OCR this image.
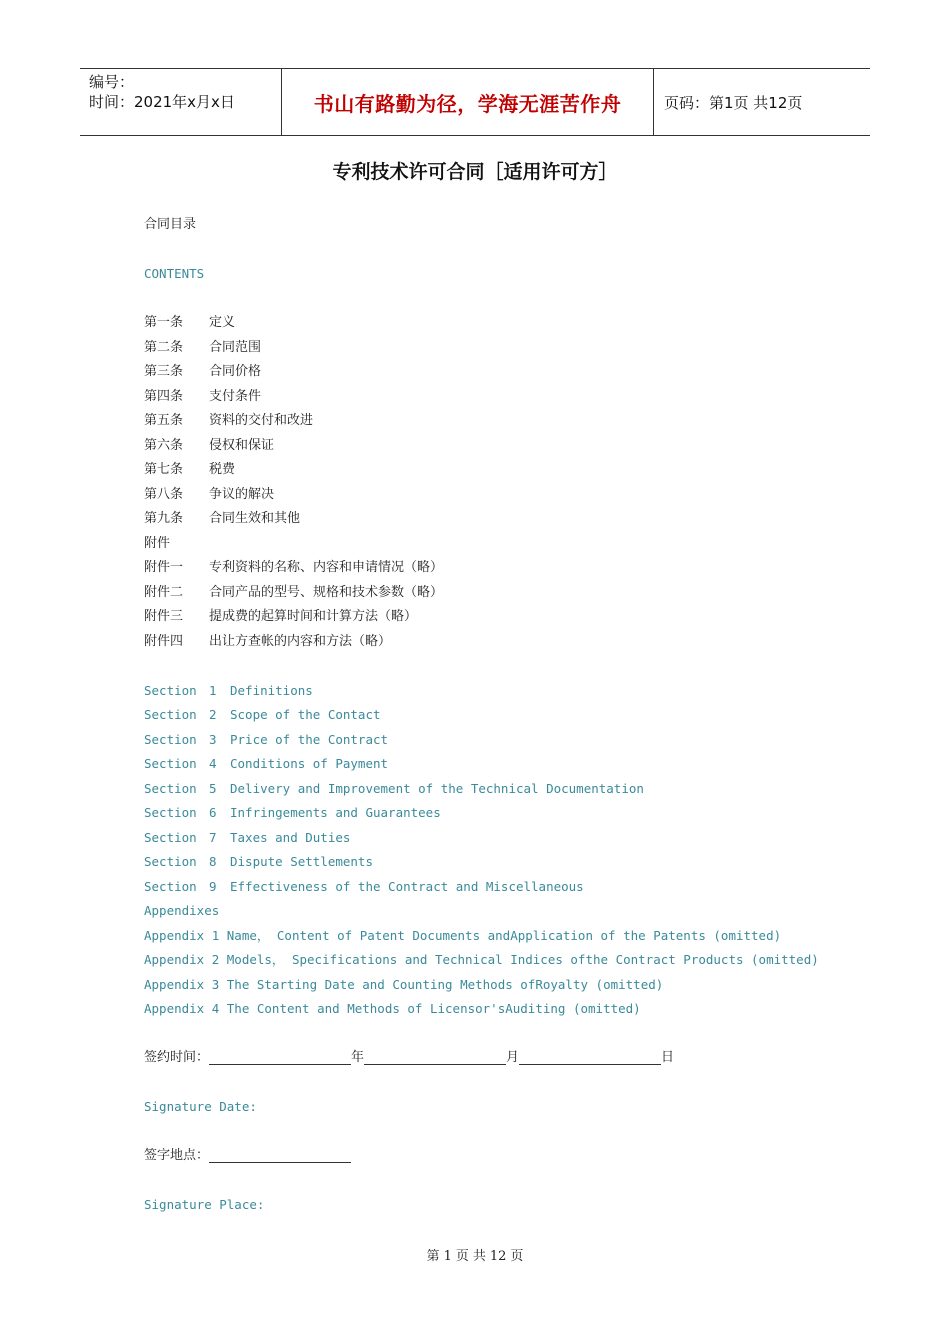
编号：
时间：2021年x月x日	书山有路勤为径，学海无涯苦作舟	页码：第1页 共12页
专利技术许可合同［适用许可方］
合同目录
CONTENTS
第一条 定义
第二条 合同范围
第三条 合同价格
第四条 支付条件
第五条 资料的交付和改进
第六条 侵权和保证
第七条 税费
第八条 争议的解决
第九条 合同生效和其他
附件
附件一 专利资料的名称、内容和申请情况（略）
附件二 合同产品的型号、规格和技术参数（略）
附件三 提成费的起算时间和计算方法（略）
附件四 出让方查帐的内容和方法（略）
Section 1 Definitions
Section 2 Scope of the Contact
Section 3 Price of the Contract
Section 4 Conditions of Payment
Section 5 Delivery and Improvement of the Technical Documentation
Section 6 Infringements and Guarantees
Section 7 Taxes and Duties
Section 8 Dispute Settlements
Section 9 Effectiveness of the Contract and Miscellaneous
Appendixes
Appendix 1 Name， Content of Patent Documents andApplication of the Patents (omitted)
Appendix 2 Models， Specifications and Technical Indices ofthe Contract Products (omitted)
Appendix 3 The Starting Date and Counting Methods ofRoyalty (omitted)
Appendix 4 The Content and Methods of Licensor'sAuditing (omitted)
签约时间：	年	月	日
Signature Date:
签字地点：
Signature Place:
第 1 页 共 12 页
